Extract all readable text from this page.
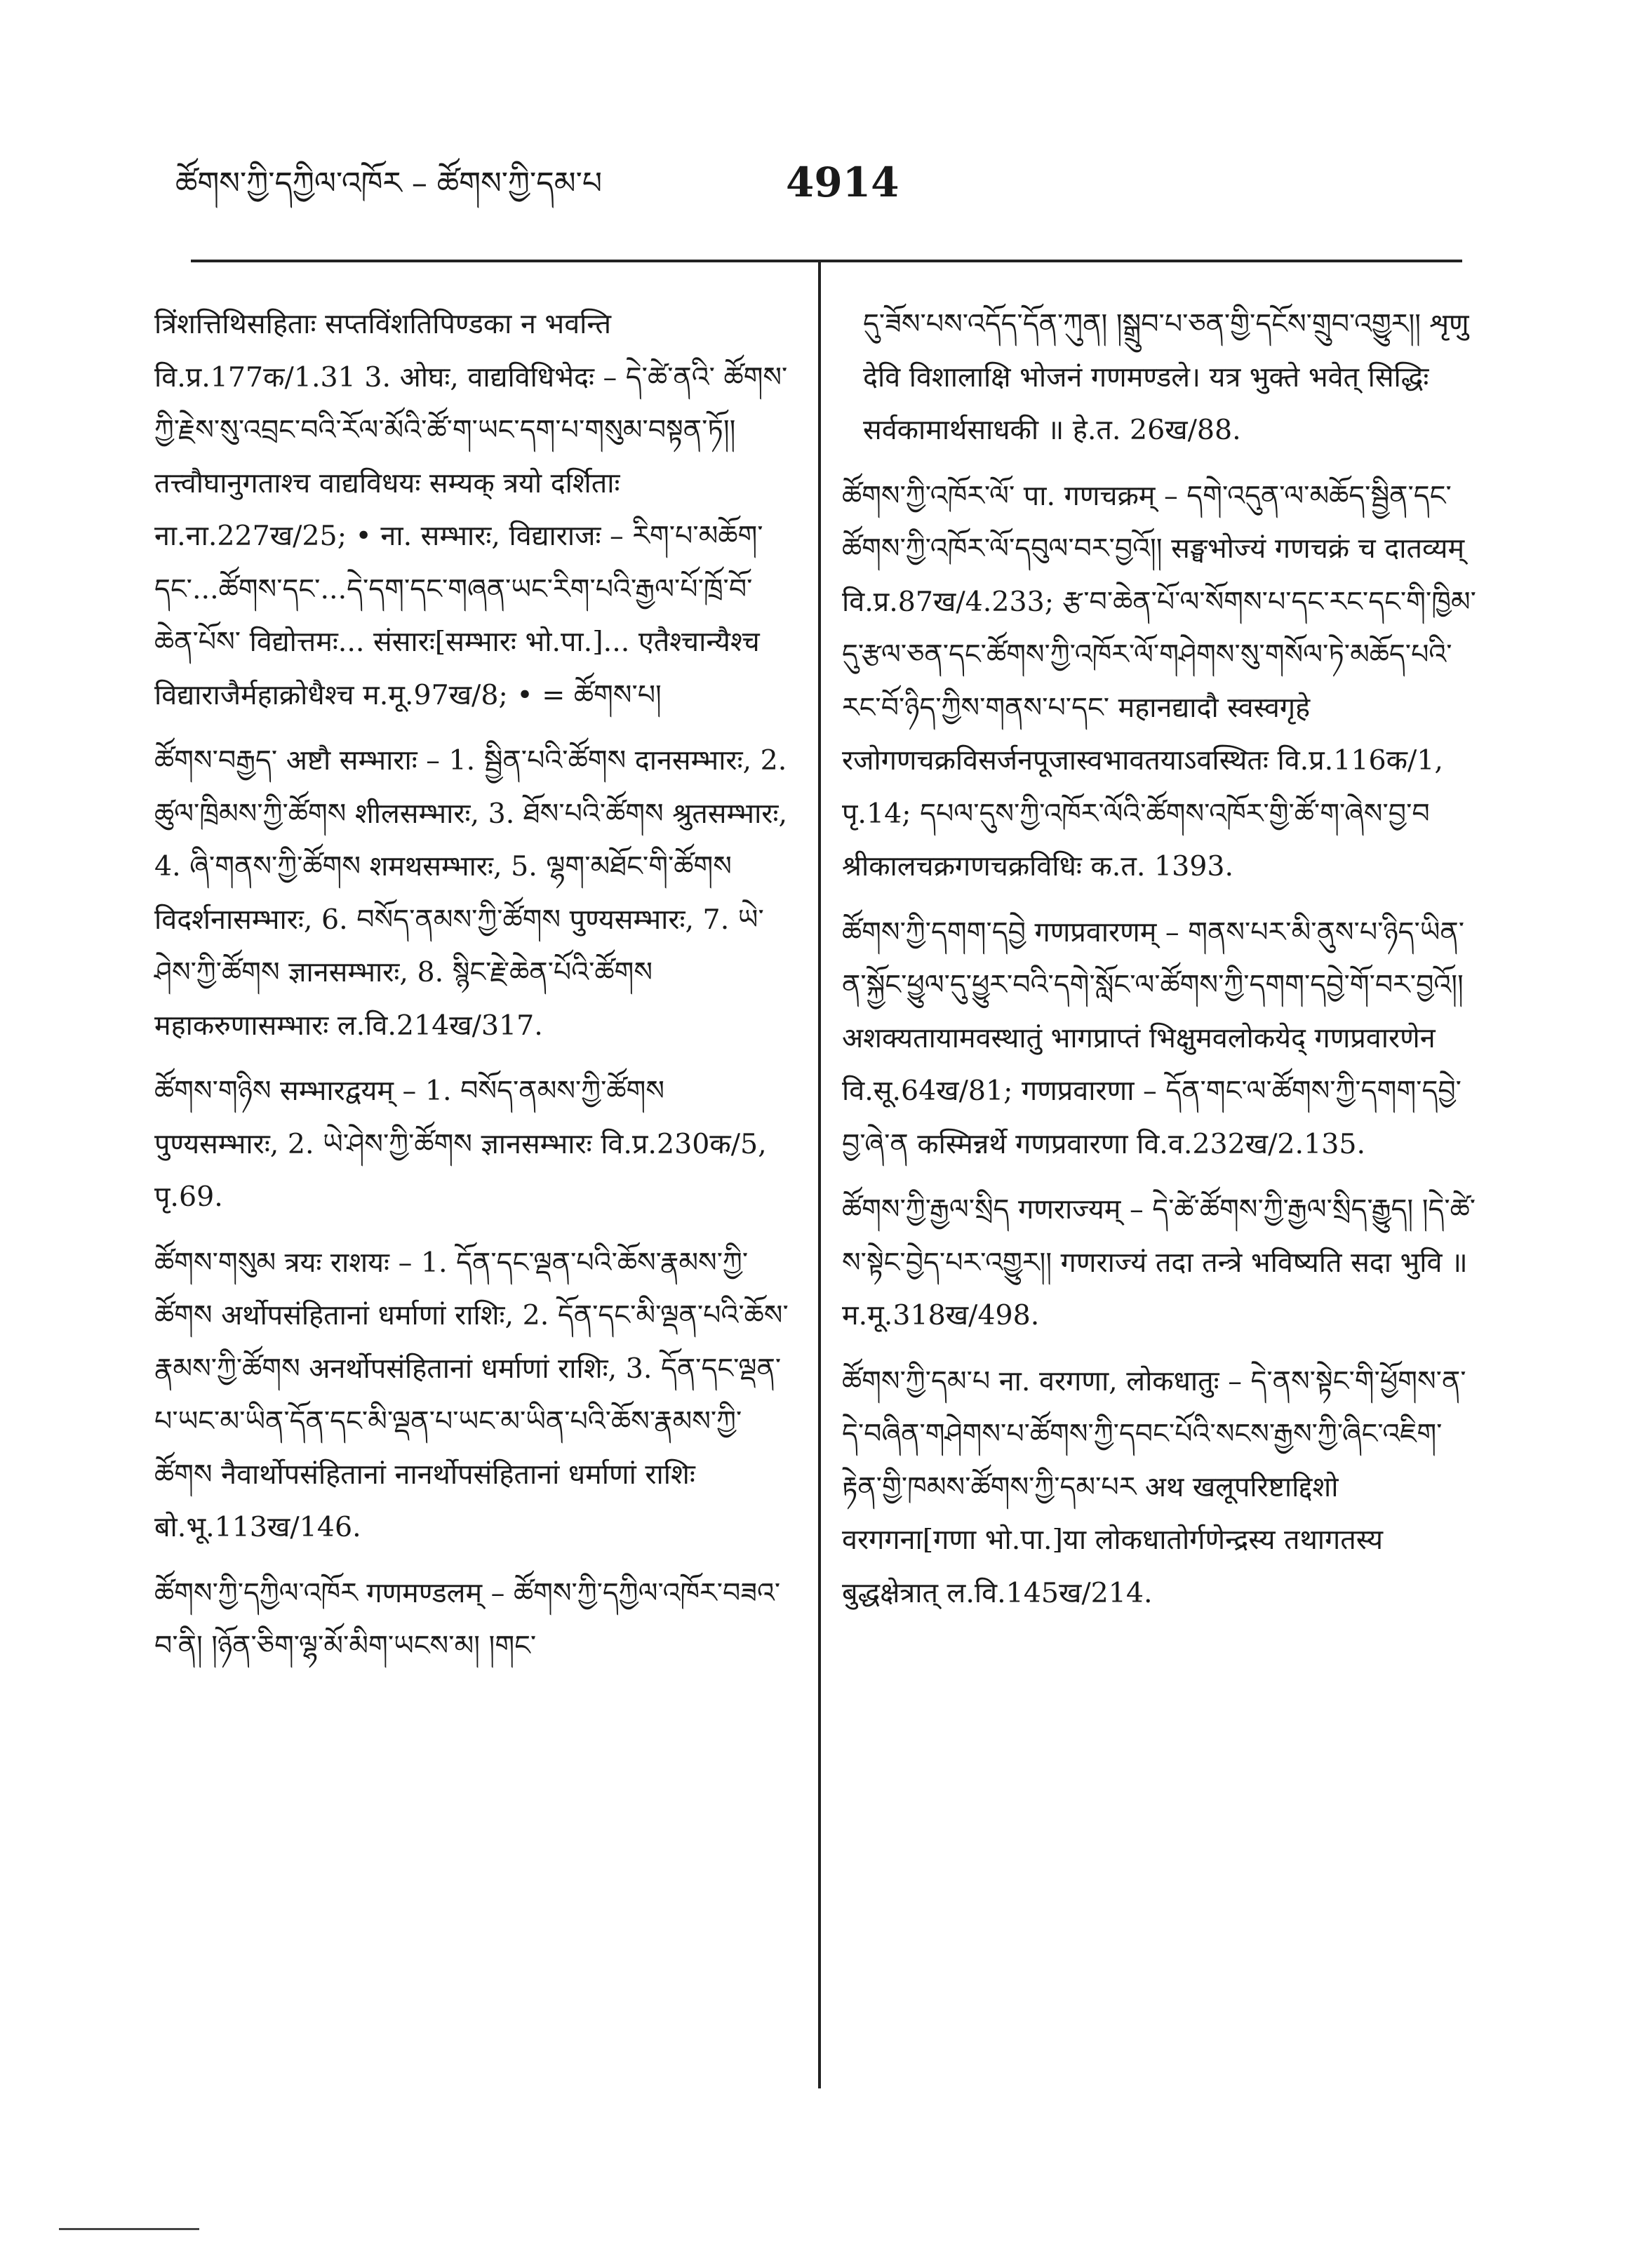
ཚོགས་ཀྱི་དཀྱིལ་འཁོར – ཚོགས་ཀྱི་དམ་པ	4914

त्रिंशत्तिथिसहिताः सप्तविंशतिपिण्डका न भवन्ति वि.प्र.177क/1.31 3. ओघः, वाद्यविधिभेदः – དེ་ཚེ་ནའི་ ཚོགས་ཀྱི་རྗེས་སུ་འབྲང་བའི་རོལ་མོའི་ཚོ་ག་ཡང་དག་པ་གསུམ་བསྟན་ཏོ།། तत्त्वौघानुगताश्च वाद्यविधयः सम्यक् त्रयो दर्शिताः ना.ना.227ख/25; • ना. सम्भारः, विद्याराजः – རིག་པ་མཆོག་དང་...ཚོགས་དང་...དེ་དག་དང་གཞན་ཡང་རིག་པའི་རྒྱལ་པོ་ཁྲོ་བོ་ཆེན་པོས་ विद्योत्तमः... संसारः[सम्भारः भो.पा.]... एतैश्चान्यैश्च विद्याराजैर्महाक्रोधैश्च म.मू.97ख/8; • = ཚོགས་པ།

ཚོགས་བརྒྱད་ अष्टौ सम्भाराः – 1. སྦྱིན་པའི་ཚོགས दानसम्भारः, 2. ཚུལ་ཁྲིམས་ཀྱི་ཚོགས शीलसम्भारः, 3. ཐོས་པའི་ཚོགས श्रुतसम्भारः, 4. ཞི་གནས་ཀྱི་ཚོགས शमथसम्भारः, 5. ལྷག་མཐོང་གི་ཚོགས विदर्शनासम्भारः, 6. བསོད་ནམས་ཀྱི་ཚོགས पुण्यसम्भारः, 7. ཡེ་ཤེས་ཀྱི་ཚོགས ज्ञानसम्भारः, 8. སྙིང་རྗེ་ཆེན་པོའི་ཚོགས महाकरुणासम्भारः ल.वि.214ख/317.

ཚོགས་གཉིས सम्भारद्वयम् – 1. བསོད་ནམས་ཀྱི་ཚོགས पुण्यसम्भारः, 2. ཡེ་ཤེས་ཀྱི་ཚོགས ज्ञानसम्भारः वि.प्र.230क/5, पृ.69.

ཚོགས་གསུམ त्रयः राशयः – 1. དོན་དང་ལྡན་པའི་ཆོས་རྣམས་ཀྱི་ཚོགས अर्थोपसंहितानां धर्माणां राशिः, 2. དོན་དང་མི་ལྡན་པའི་ཆོས་རྣམས་ཀྱི་ཚོགས अनर्थोपसंहितानां धर्माणां राशिः, 3. དོན་དང་ལྡན་པ་ཡང་མ་ཡིན་དོན་དང་མི་ལྡན་པ་ཡང་མ་ཡིན་པའི་ཆོས་རྣམས་ཀྱི་ཚོགས नैवार्थोपसंहितानां नानर्थोपसंहितानां धर्माणां राशिः बो.भू.113ख/146.

ཚོགས་ཀྱི་དཀྱིལ་འཁོར गणमण्डलम् – ཚོགས་ཀྱི་དཀྱིལ་འཁོར་བཟའ་བ་ནི། །ཉོན་ཅིག་ལྷ་མོ་མིག་ཡངས་མ། །གང་

དུ་ཟོས་པས་འདོད་དོན་ཀུན། །སྒྲུབ་པ་ཅན་གྱི་དངོས་གྲུབ་འགྱུར།། शृणु देवि विशालाक्षि भोजनं गणमण्डले। यत्र भुक्ते भवेत् सिद्धिः सर्वकामार्थसाधकी ॥ हे.त. 26ख/88.

ཚོགས་ཀྱི་འཁོར་ལོ་ पा. गणचक्रम् – དགེ་འདུན་ལ་མཆོད་སྦྱིན་དང་ཚོགས་ཀྱི་འཁོར་ལོ་དབུལ་བར་བྱའོ།། सङ्घभोज्यं गणचक्रं च दातव्यम् वि.प्र.87ख/4.233; རྩ་བ་ཆེན་པོ་ལ་སོགས་པ་དང་རང་དང་གི་ཁྱིམ་དུ་རྩལ་ཅན་དང་ཚོགས་ཀྱི་འཁོར་ལོ་གཤེགས་སུ་གསོལ་ཏེ་མཆོད་པའི་རང་བོ་ཉིད་ཀྱིས་གནས་པ་དང་ महानद्यादौ स्वस्वगृहे रजोगणचक्रविसर्जनपूजास्वभावतयाऽवस्थितः वि.प्र.116क/1, पृ.14; དཔལ་དུས་ཀྱི་འཁོར་ལོའི་ཚོགས་འཁོར་གྱི་ཚོ་ག་ཞེས་བྱ་བ श्रीकालचक्रगणचक्रविधिः क.त. 1393.

ཚོགས་ཀྱི་དགག་དབྱེ गणप्रवारणम् – གནས་པར་མི་ནུས་པ་ཉིད་ཡིན་ན་སྐྱོང་ཕྱུལ་དུ་ཕྱུར་བའི་དགེ་སློང་ལ་ཚོགས་ཀྱི་དགག་དབྱེ་གོ་བར་བྱའོ།། अशक्यतायामवस्थातुं भागप्राप्तं भिक्षुमवलोकयेद् गणप्रवारणेन वि.सू.64ख/81; गणप्रवारणा – དོན་གང་ལ་ཚོགས་ཀྱི་དགག་དབྱེ་བྱ་ཞེ་ན कस्मिन्नर्थे गणप्रवारणा वि.व.232ख/2.135.

ཚོགས་ཀྱི་རྒྱལ་སྲིད गणराज्यम् – དེ་ཚེ་ཚོགས་ཀྱི་རྒྱལ་སྲིད་རྒྱུད། །དེ་ཚེ་ས་སྟེང་བྱེད་པར་འགྱུར།། गणराज्यं तदा तन्त्रे भविष्यति सदा भुवि ॥ म.मू.318ख/498.

ཚོགས་ཀྱི་དམ་པ ना. वरगणा, लोकधातुः – དེ་ནས་སྟེང་གི་ཕྱོགས་ན་དེ་བཞིན་གཤེགས་པ་ཚོགས་ཀྱི་དབང་པོའི་སངས་རྒྱས་ཀྱི་ཞིང་འཇིག་རྟེན་གྱི་ཁམས་ཚོགས་ཀྱི་དམ་པར अथ खलूपरिष्टाद्दिशो वरगगना[गणा भो.पा.]या लोकधातोर्गणेन्द्रस्य तथागतस्य बुद्धक्षेत्रात् ल.वि.145ख/214.
